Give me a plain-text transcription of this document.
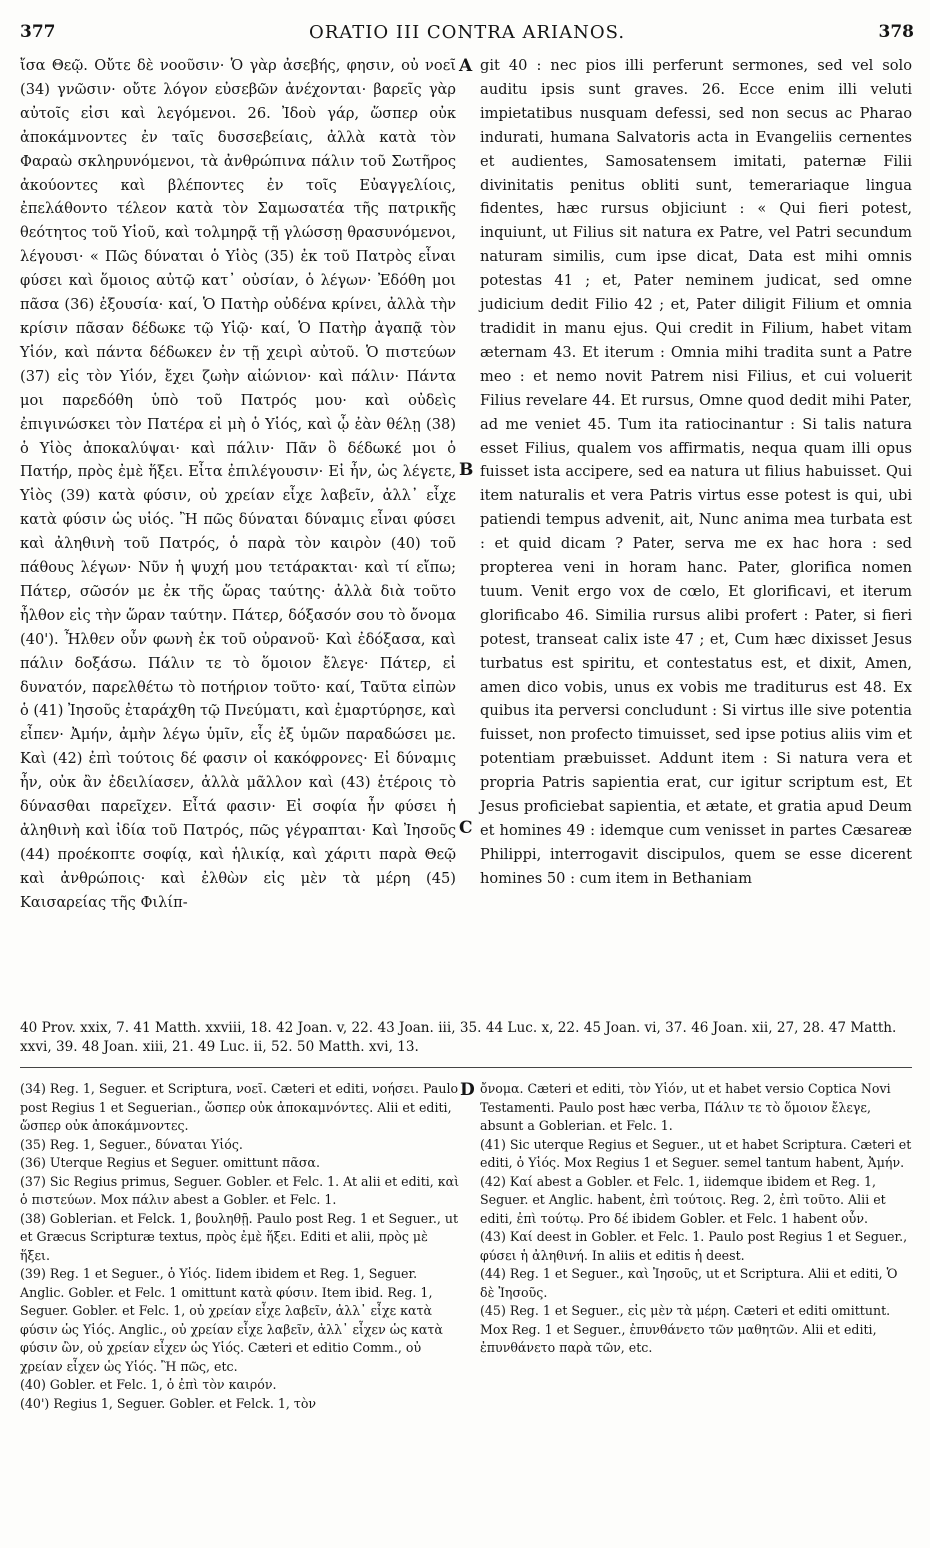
377	ORATIO III CONTRA ARIANOS.	378
A
B
C
D

ἴσα Θεῷ. Οὔτε δὲ νοοῦσιν· Ὁ γὰρ ἀσεβής, φησιν, οὐ νοεῖ (34) γνῶσιν· οὔτε λόγον εὐσεβῶν ἀνέχονται· βαρεῖς γὰρ αὐτοῖς εἰσι καὶ λεγόμενοι. 26. Ἰδοὺ γάρ, ὥσπερ οὐκ ἀποκάμνοντες ἐν ταῖς δυσσεβείαις, ἀλλὰ κατὰ τὸν Φαραὼ σκληρυνόμενοι, τὰ ἀνθρώπινα πάλιν τοῦ Σωτῆρος ἀκούοντες καὶ βλέποντες ἐν τοῖς Εὐαγγελίοις, ἐπελάθοντο τέλεον κατὰ τὸν Σαμωσατέα τῆς πατρικῆς θεότητος τοῦ Υἱοῦ, καὶ τολμηρᾷ τῇ γλώσσῃ θρασυνόμενοι, λέγουσι· « Πῶς δύναται ὁ Υἱὸς (35) ἐκ τοῦ Πατρὸς εἶναι φύσει καὶ ὅμοιος αὐτῷ κατ᾽ οὐσίαν, ὁ λέγων· Ἐδόθη μοι πᾶσα (36) ἐξουσία· καί, Ὁ Πατὴρ οὐδένα κρίνει, ἀλλὰ τὴν κρίσιν πᾶσαν δέδωκε τῷ Υἱῷ· καί, Ὁ Πατὴρ ἀγαπᾷ τὸν Υἱόν, καὶ πάντα δέδωκεν ἐν τῇ χειρὶ αὐτοῦ. Ὁ πιστεύων (37) εἰς τὸν Υἱόν, ἔχει ζωὴν αἰώνιον· καὶ πάλιν· Πάντα μοι παρεδόθη ὑπὸ τοῦ Πατρός μου· καὶ οὐδεὶς ἐπιγινώσκει τὸν Πατέρα εἰ μὴ ὁ Υἱός, καὶ ᾧ ἐὰν θέλῃ (38) ὁ Υἱὸς ἀποκαλύψαι· καὶ πάλιν· Πᾶν ὃ δέδωκέ μοι ὁ Πατήρ, πρὸς ἐμὲ ἥξει. Εἶτα ἐπιλέγουσιν· Εἰ ἦν, ὡς λέγετε, Υἱὸς (39) κατὰ φύσιν, οὐ χρείαν εἶχε λαβεῖν, ἀλλ᾽ εἶχε κατὰ φύσιν ὡς υἱός. Ἢ πῶς δύναται δύναμις εἶναι φύσει καὶ ἀληθινὴ τοῦ Πατρός, ὁ παρὰ τὸν καιρὸν (40) τοῦ πάθους λέγων· Νῦν ἡ ψυχή μου τετάρακται· καὶ τί εἴπω; Πάτερ, σῶσόν με ἐκ τῆς ὥρας ταύτης· ἀλλὰ διὰ τοῦτο ἦλθον εἰς τὴν ὥραν ταύτην. Πάτερ, δόξασόν σου τὸ ὄνομα (40'). Ἦλθεν οὖν φωνὴ ἐκ τοῦ οὐρανοῦ· Καὶ ἐδόξασα, καὶ πάλιν δοξάσω. Πάλιν τε τὸ ὅμοιον ἔλεγε· Πάτερ, εἰ δυνατόν, παρελθέτω τὸ ποτήριον τοῦτο· καί, Ταῦτα εἰπὼν ὁ (41) Ἰησοῦς ἐταράχθη τῷ Πνεύματι, καὶ ἐμαρτύρησε, καὶ εἶπεν· Ἀμήν, ἀμὴν λέγω ὑμῖν, εἷς ἐξ ὑμῶν παραδώσει με. Καὶ (42) ἐπὶ τούτοις δέ φασιν οἱ κακόφρονες· Εἰ δύναμις ἦν, οὐκ ἂν ἐδειλίασεν, ἀλλὰ μᾶλλον καὶ (43) ἑτέροις τὸ δύνασθαι παρεῖχεν. Εἶτά φασιν· Εἰ σοφία ἦν φύσει ἡ ἀληθινὴ καὶ ἰδία τοῦ Πατρός, πῶς γέγραπται· Καὶ Ἰησοῦς (44) προέκοπτε σοφίᾳ, καὶ ἡλικίᾳ, καὶ χάριτι παρὰ Θεῷ καὶ ἀνθρώποις· καὶ ἐλθὼν εἰς μὲν τὰ μέρη (45) Καισαρείας τῆς Φιλίπ-

git 40 : nec pios illi perferunt sermones, sed vel solo auditu ipsis sunt graves. 26. Ecce enim illi veluti impietatibus nusquam defessi, sed non secus ac Pharao indurati, humana Salvatoris acta in Evangeliis cernentes et audientes, Samosatensem imitati, paternæ Filii divinitatis penitus obliti sunt, temerariaque lingua fidentes, hæc rursus objiciunt : « Qui fieri potest, inquiunt, ut Filius sit natura ex Patre, vel Patri secundum naturam similis, cum ipse dicat, Data est mihi omnis potestas 41 ; et, Pater neminem judicat, sed omne judicium dedit Filio 42 ; et, Pater diligit Filium et omnia tradidit in manu ejus. Qui credit in Filium, habet vitam æternam 43. Et iterum : Omnia mihi tradita sunt a Patre meo : et nemo novit Patrem nisi Filius, et cui voluerit Filius revelare 44. Et rursus, Omne quod dedit mihi Pater, ad me veniet 45. Tum ita ratiocinantur : Si talis natura esset Filius, qualem vos affirmatis, nequa quam illi opus fuisset ista accipere, sed ea natura ut filius habuisset. Qui item naturalis et vera Patris virtus esse potest is qui, ubi patiendi tempus advenit, ait, Nunc anima mea turbata est : et quid dicam ? Pater, serva me ex hac hora : sed propterea veni in horam hanc. Pater, glorifica nomen tuum. Venit ergo vox de cœlo, Et glorificavi, et iterum glorificabo 46. Similia rursus alibi profert : Pater, si fieri potest, transeat calix iste 47 ; et, Cum hæc dixisset Jesus turbatus est spiritu, et contestatus est, et dixit, Amen, amen dico vobis, unus ex vobis me traditurus est 48. Ex quibus ita perversi concludunt : Si virtus ille sive potentia fuisset, non profecto timuisset, sed ipse potius aliis vim et potentiam præbuisset. Addunt item : Si natura vera et propria Patris sapientia erat, cur igitur scriptum est, Et Jesus proficiebat sapientia, et ætate, et gratia apud Deum et homines 49 : idemque cum venisset in partes Cæsareæ Philippi, interrogavit discipulos, quem se esse dicerent homines 50 : cum item in Bethaniam

40 Prov. xxix, 7. 41 Matth. xxviii, 18. 42 Joan. v, 22. 43 Joan. iii, 35. 44 Luc. x, 22. 45 Joan. vi, 37. 46 Joan. xii, 27, 28. 47 Matth. xxvi, 39. 48 Joan. xiii, 21. 49 Luc. ii, 52. 50 Matth. xvi, 13.

(34) Reg. 1, Seguer. et Scriptura, νοεῖ. Cæteri et editi, νοήσει. Paulo post Regius 1 et Seguerian., ὥσπερ οὐκ ἀποκαμνόντες. Alii et editi, ὥσπερ οὐκ ἀποκάμνοντες.

(35) Reg. 1, Seguer., δύναται Υἱός.

(36) Uterque Regius et Seguer. omittunt πᾶσα.

(37) Sic Regius primus, Seguer. Gobler. et Felc. 1. At alii et editi, καὶ ὁ πιστεύων. Mox πάλιν abest a Gobler. et Felc. 1.

(38) Goblerian. et Felck. 1, βουληθῇ. Paulo post Reg. 1 et Seguer., ut et Græcus Scripturæ textus, πρὸς ἐμὲ ἥξει. Editi et alii, πρὸς μὲ ἥξει.

(39) Reg. 1 et Seguer., ὁ Υἱός. Iidem ibidem et Reg. 1, Seguer. Anglic. Gobler. et Felc. 1 omittunt κατὰ φύσιν. Item ibid. Reg. 1, Seguer. Gobler. et Felc. 1, οὐ χρείαν εἶχε λαβεῖν, ἀλλ᾽ εἶχε κατὰ φύσιν ὡς Υἱός. Anglic., οὐ χρείαν εἶχε λαβεῖν, ἀλλ᾽ εἶχεν ὡς κατὰ φύσιν ὢν, οὐ χρείαν εἶχεν ὡς Υἱός. Cæteri et editio Comm., οὐ χρείαν εἶχεν ὡς Υἱός. Ἢ πῶς, etc.

(40) Gobler. et Felc. 1, ὁ ἐπὶ τὸν καιρόν.

(40') Regius 1, Seguer. Gobler. et Felck. 1, τὸν

ὄνομα. Cæteri et editi, τὸν Υἱόν, ut et habet versio Coptica Novi Testamenti. Paulo post hæc verba, Πάλιν τε τὸ ὅμοιον ἔλεγε, absunt a Goblerian. et Felc. 1.

(41) Sic uterque Regius et Seguer., ut et habet Scriptura. Cæteri et editi, ὁ Υἱός. Mox Regius 1 et Seguer. semel tantum habent, Ἀμήν.

(42) Καί abest a Gobler. et Felc. 1, iidemque ibidem et Reg. 1, Seguer. et Anglic. habent, ἐπὶ τούτοις. Reg. 2, ἐπὶ τοῦτο. Alii et editi, ἐπὶ τούτῳ. Pro δέ ibidem Gobler. et Felc. 1 habent οὖν.

(43) Καί deest in Gobler. et Felc. 1. Paulo post Regius 1 et Seguer., φύσει ἡ ἀληθινή. In aliis et editis ἡ deest.

(44) Reg. 1 et Seguer., καὶ Ἰησοῦς, ut et Scriptura. Alii et editi, Ὁ δὲ Ἰησοῦς.

(45) Reg. 1 et Seguer., εἰς μὲν τὰ μέρη. Cæteri et editi omittunt. Mox Reg. 1 et Seguer., ἐπυνθάνετο τῶν μαθητῶν. Alii et editi, ἐπυνθάνετο παρὰ τῶν, etc.
